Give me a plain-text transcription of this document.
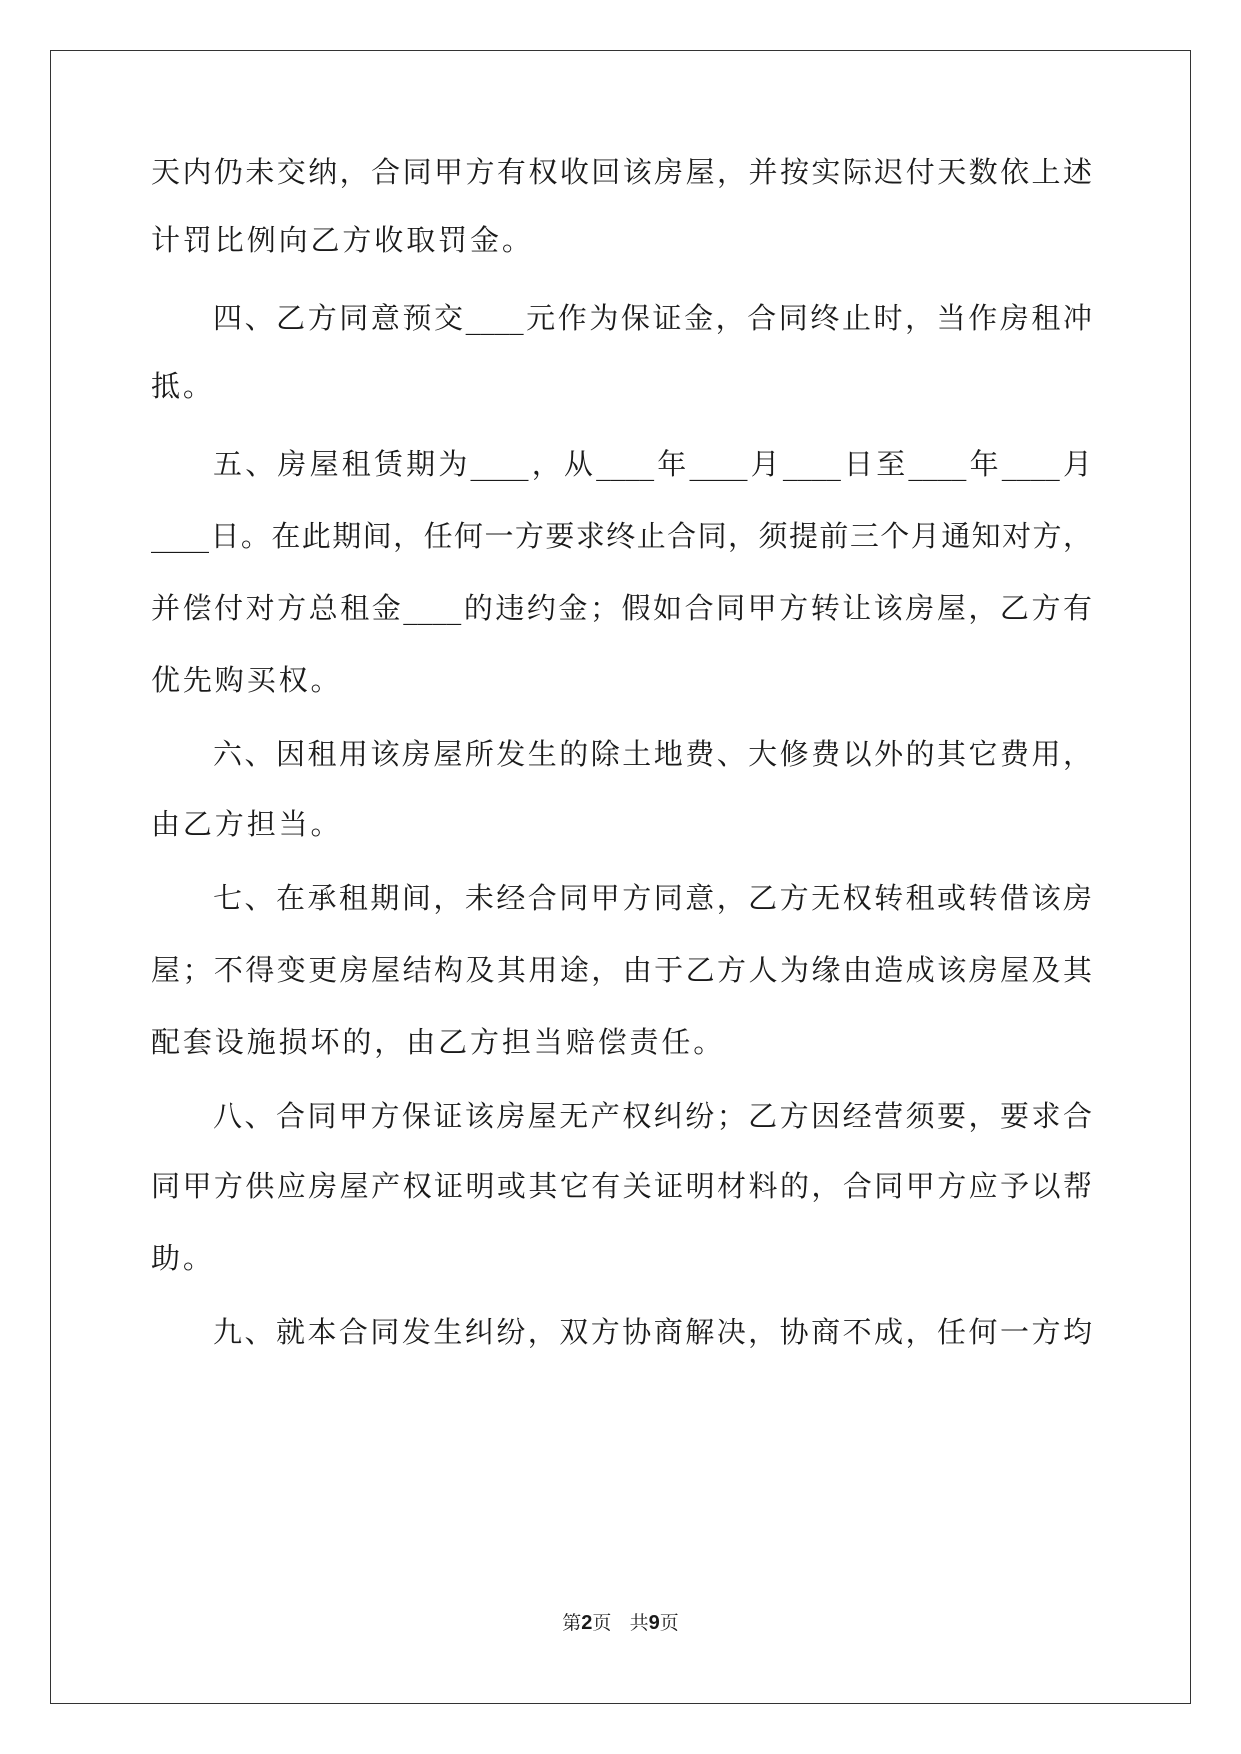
天内仍未交纳，合同甲方有权收回该房屋，并按实际迟付天数依上述
计罚比例向乙方收取罚金。
四、乙方同意预交____元作为保证金，合同终止时，当作房租冲
抵。
五、房屋租赁期为____，从____年____月____日至____年____月
____日。在此期间，任何一方要求终止合同，须提前三个月通知对方，
并偿付对方总租金____的违约金；假如合同甲方转让该房屋，乙方有
优先购买权。
六、因租用该房屋所发生的除土地费、大修费以外的其它费用，
由乙方担当。
七、在承租期间，未经合同甲方同意，乙方无权转租或转借该房
屋；不得变更房屋结构及其用途，由于乙方人为缘由造成该房屋及其
配套设施损坏的，由乙方担当赔偿责任。
八、合同甲方保证该房屋无产权纠纷；乙方因经营须要，要求合
同甲方供应房屋产权证明或其它有关证明材料的，合同甲方应予以帮
助。
九、就本合同发生纠纷，双方协商解决，协商不成，任何一方均
第2页 共9页
